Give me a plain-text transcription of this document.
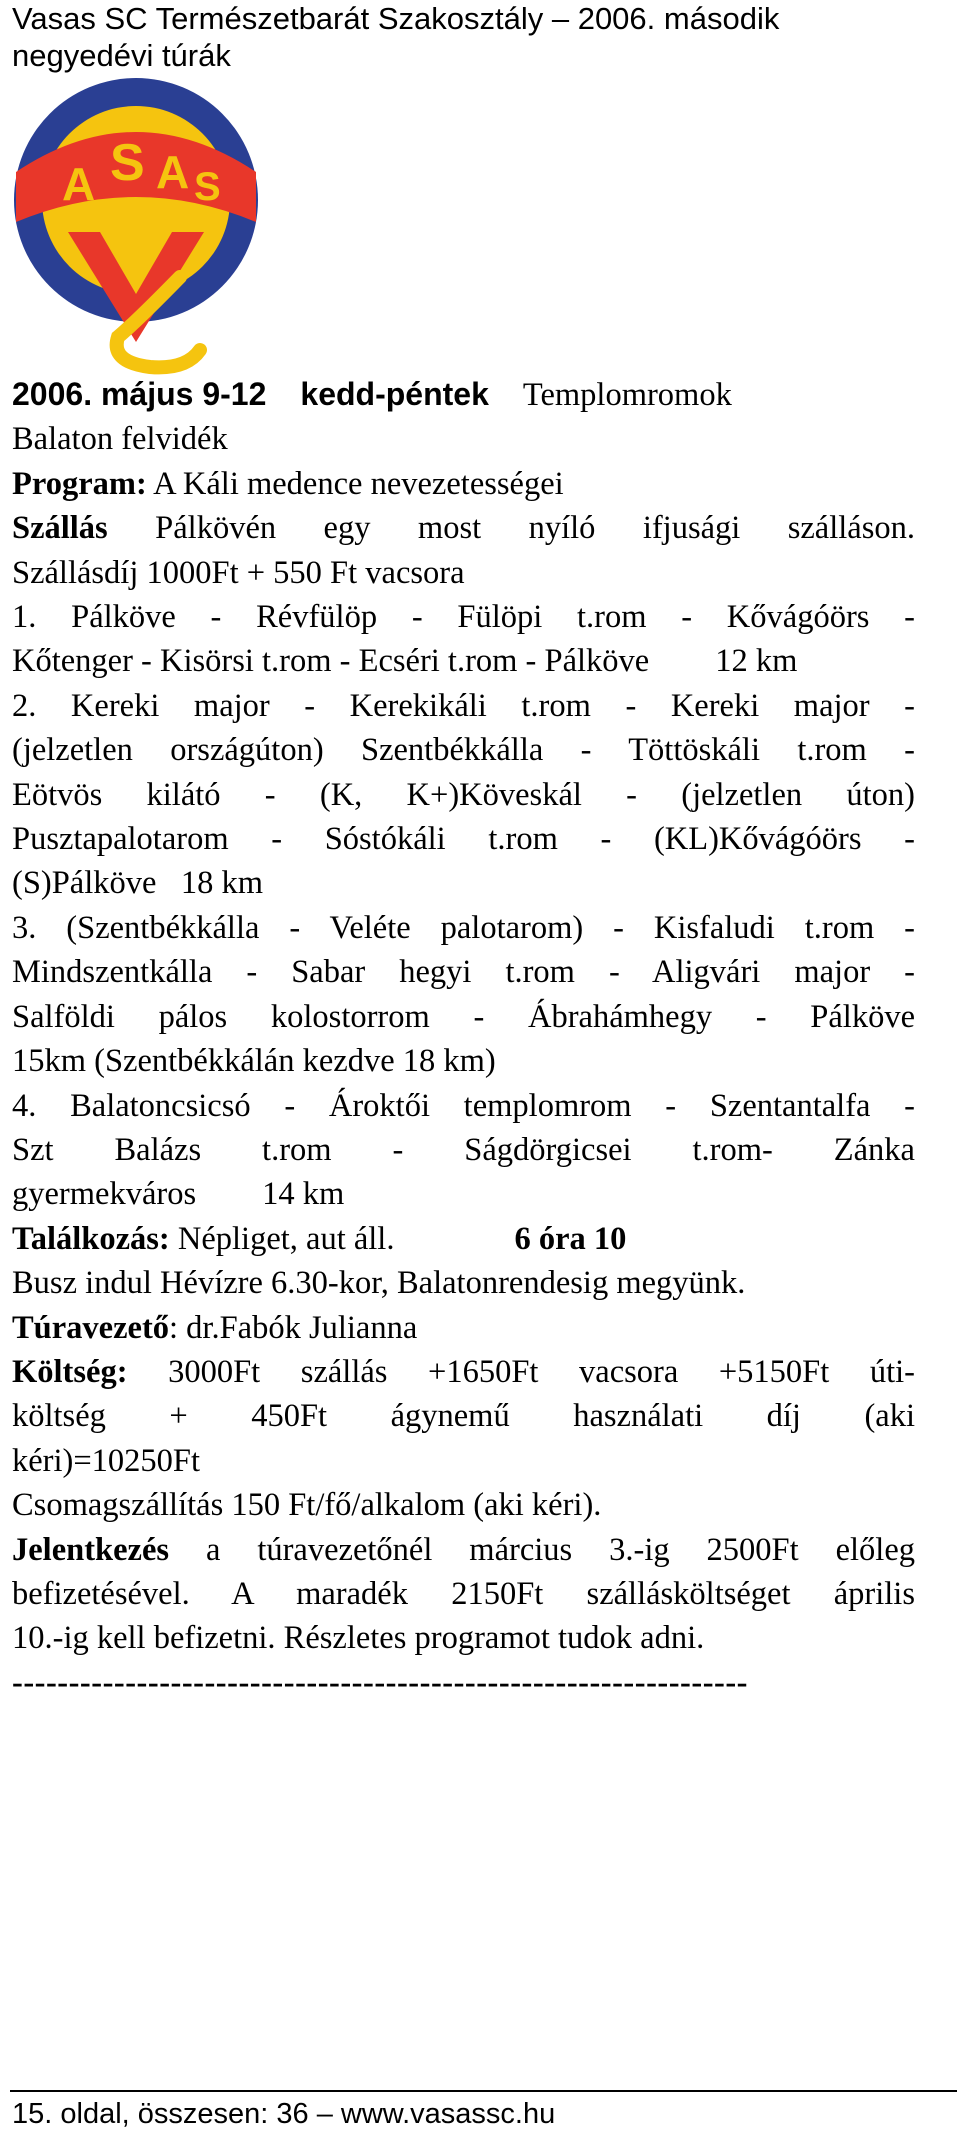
Vasas SC Természetbarát Szakosztály – 2006. második negyedévi túrák
A S A S

2006. május 9-12 kedd-péntek Templomromok

Balaton felvidék

Program: A Káli medence nevezetességei

Szállás Pálkövén egy most nyíló ifjusági szálláson.

Szállásdíj 1000Ft + 550 Ft vacsora

1. Pálköve - Révfülöp - Fülöpi t.rom - Kővágóörs -

Kőtenger - Kisörsi t.rom - Ecséri t.rom - Pálköve 12 km

2. Kereki major - Kerekikáli t.rom - Kereki major -

(jelzetlen országúton) Szentbékkálla - Töttöskáli t.rom -

Eötvös kilátó - (K, K+)Köveskál - (jelzetlen úton)

Pusztapalotarom - Sóstókáli t.rom - (KL)Kővágóörs -

(S)Pálköve 18 km

3. (Szentbékkálla - Veléte palotarom) - Kisfaludi t.rom -

Mindszentkálla - Sabar hegyi t.rom - Aligvári major -

Salföldi pálos kolostorrom - Ábrahámhegy - Pálköve

15km (Szentbékkálán kezdve 18 km)

4. Balatoncsicsó - Ároktői templomrom - Szentantalfa -

Szt Balázs t.rom - Ságdörgicsei t.rom- Zánka

gyermekváros 14 km

Találkozás: Népliget, aut áll.	6 óra 10

Busz indul Hévízre 6.30-kor, Balatonrendesig megyünk.

Túravezető: dr.Fabók Julianna

Költség: 3000Ft szállás +1650Ft vacsora +5150Ft úti-

költség + 450Ft ágynemű használati díj (aki

kéri)=10250Ft

Csomagszállítás 150 Ft/fő/alkalom (aki kéri).

Jelentkezés a túravezetőnél március 3.-ig 2500Ft előleg

befizetésével. A maradék 2150Ft szállásköltséget április

10.-ig kell befizetni. Részletes programot tudok adni.

-----------------------------------------------------------------

15. oldal, összesen: 36 – www.vasassc.hu
